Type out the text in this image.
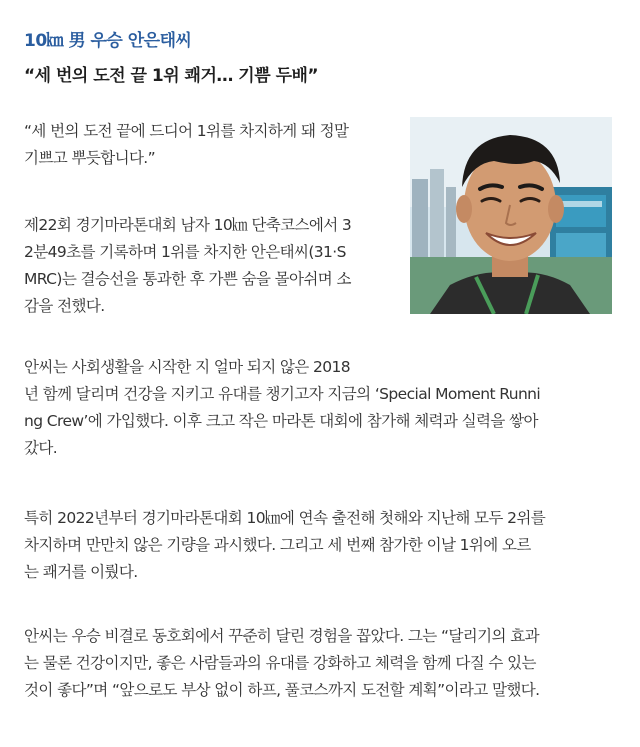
10㎞ 男 우승 안은태씨
“세 번의 도전 끝 1위 쾌거… 기쁨 두배”

“세 번의 도전 끝에 드디어 1위를 차지하게 돼 정말
기쁘고 뿌듯합니다.”

제22회 경기마라톤대회 남자 10㎞ 단축코스에서 3
2분49초를 기록하며 1위를 차지한 안은태씨(31·S
MRC)는 결승선을 통과한 후 가쁜 숨을 몰아쉬며 소
감을 전했다.

안씨는 사회생활을 시작한 지 얼마 되지 않은 2018
년 함께 달리며 건강을 지키고 유대를 챙기고자 지금의 ‘Special Moment Runni
ng Crew’에 가입했다. 이후 크고 작은 마라톤 대회에 참가해 체력과 실력을 쌓아
갔다.

특히 2022년부터 경기마라톤대회 10㎞에 연속 출전해 첫해와 지난해 모두 2위를
차지하며 만만치 않은 기량을 과시했다. 그리고 세 번째 참가한 이날 1위에 오르
는 쾌거를 이뤘다.

안씨는 우승 비결로 동호회에서 꾸준히 달린 경험을 꼽았다. 그는 “달리기의 효과
는 물론 건강이지만, 좋은 사람들과의 유대를 강화하고 체력을 함께 다질 수 있는
것이 좋다”며 “앞으로도 부상 없이 하프, 풀코스까지 도전할 계획”이라고 말했다.
